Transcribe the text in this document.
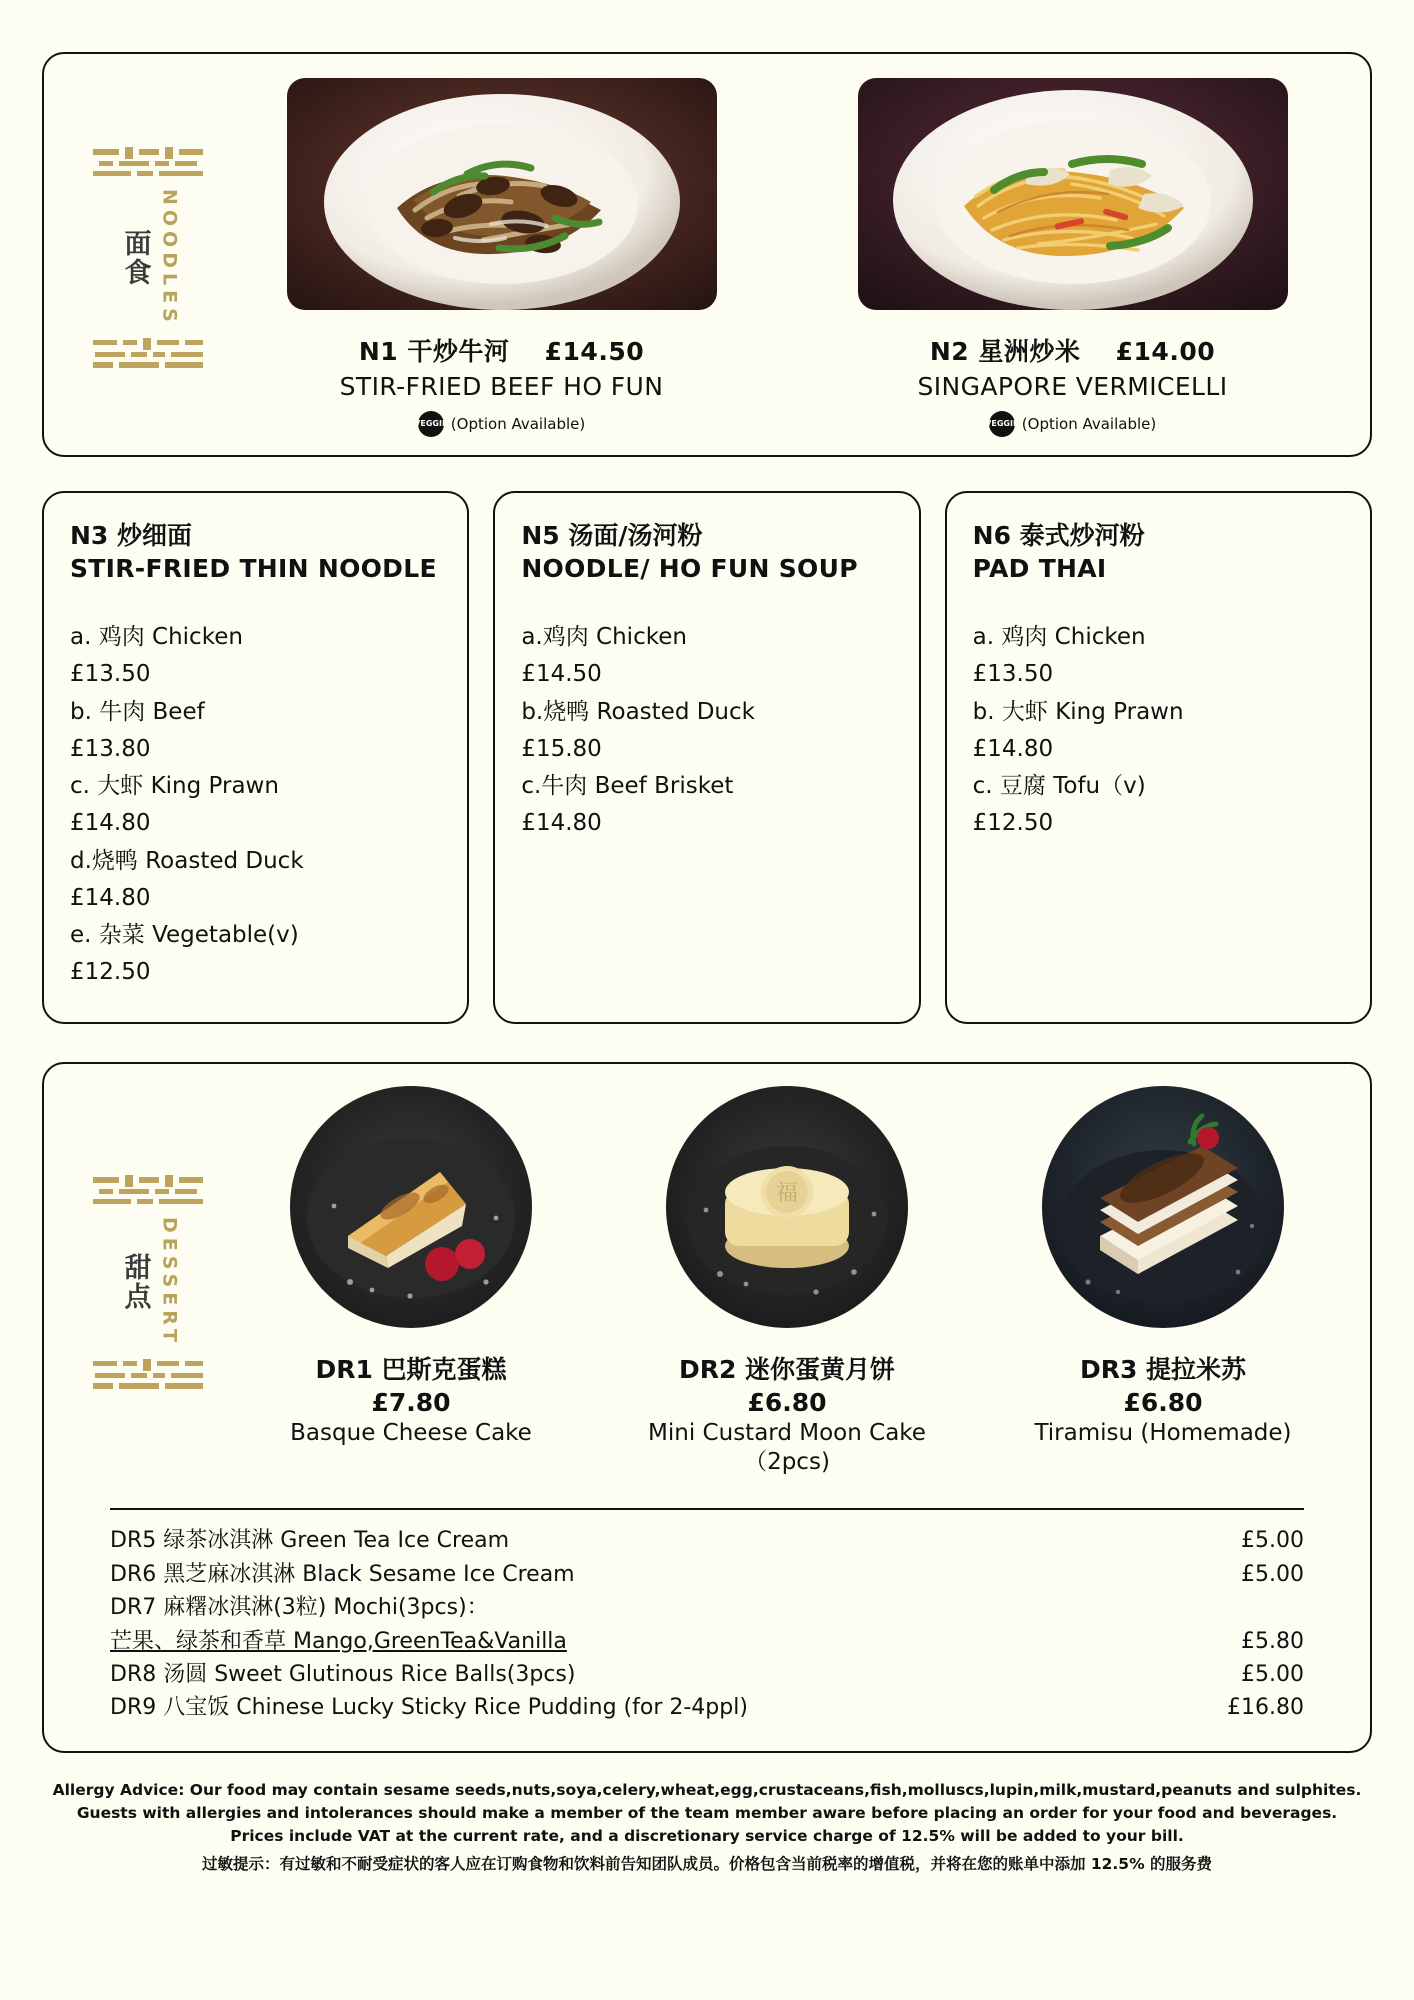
面食 NOODLES
N1 干炒牛河 £14.50
STIR-FRIED BEEF HO FUN
VEGGIE (Option Available)
N2 星洲炒米 £14.00
SINGAPORE VERMICELLI
VEGGIE (Option Available)
N3 炒细面
STIR-FRIED THIN NOODLE
a. 鸡肉 Chicken
£13.50
b. 牛肉 Beef
£13.80
c. 大虾 King Prawn
£14.80
d.烧鸭 Roasted Duck
£14.80
e. 杂菜 Vegetable(v)
£12.50
N5 汤面/汤河粉
NOODLE/ HO FUN SOUP
a.鸡肉 Chicken
£14.50
b.烧鸭 Roasted Duck
£15.80
c.牛肉 Beef Brisket
£14.80
N6 泰式炒河粉
PAD THAI
a. 鸡肉 Chicken
£13.50
b. 大虾 King Prawn
£14.80
c. 豆腐 Tofu（v)
£12.50
甜点 DESSERT
DR1 巴斯克蛋糕
£7.80
Basque Cheese Cake
福
DR2 迷你蛋黄月饼
£6.80
Mini Custard Moon Cake（2pcs)
DR3 提拉米苏
£6.80
Tiramisu (Homemade)
DR5 绿茶冰淇淋 Green Tea Ice Cream	£5.00
DR6 黑芝麻冰淇淋 Black Sesame Ice Cream	£5.00
DR7 麻糬冰淇淋(3粒) Mochi(3pcs)：
芒果、绿茶和香草 Mango,GreenTea&Vanilla	£5.80
DR8 汤圆 Sweet Glutinous Rice Balls(3pcs)	£5.00
DR9 八宝饭 Chinese Lucky Sticky Rice Pudding (for 2-4ppl)	£16.80
Allergy Advice: Our food may contain sesame seeds,nuts,soya,celery,wheat,egg,crustaceans,fish,molluscs,lupin,milk,mustard,peanuts and sulphites. Guests with allergies and intolerances should make a member of the team member aware before placing an order for your food and beverages. Prices include VAT at the current rate, and a discretionary service charge of 12.5% will be added to your bill.
过敏提示：有过敏和不耐受症状的客人应在订购食物和饮料前告知团队成员。价格包含当前税率的增值税，并将在您的账单中添加 12.5% 的服务费
